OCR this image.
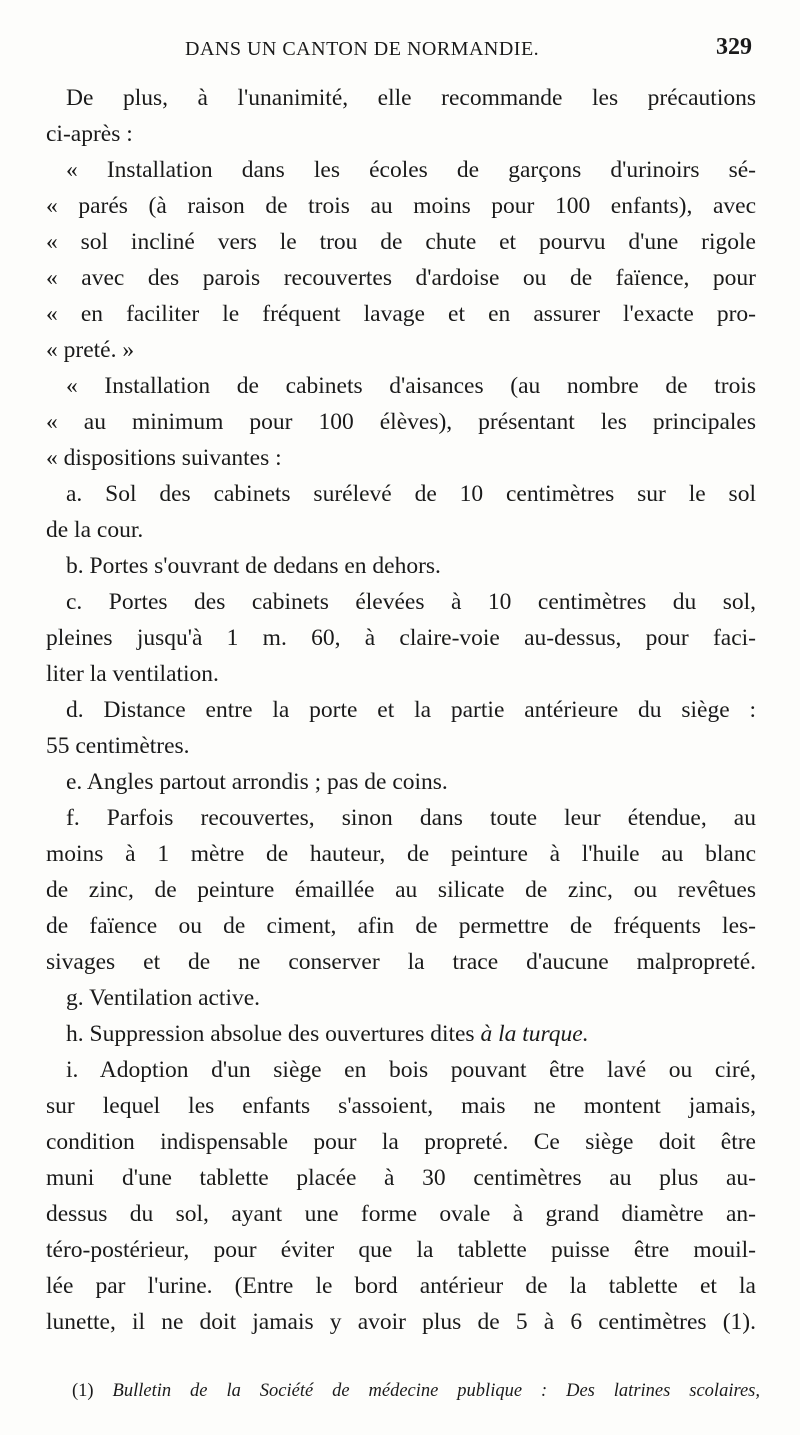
DANS UN CANTON DE NORMANDIE.	329
De plus, à l'unanimité, elle recommande les précautions
ci-après :
« Installation dans les écoles de garçons d'urinoirs sé-
« parés (à raison de trois au moins pour 100 enfants), avec
« sol incliné vers le trou de chute et pourvu d'une rigole
« avec des parois recouvertes d'ardoise ou de faïence, pour
« en faciliter le fréquent lavage et en assurer l'exacte pro-
« preté. »
« Installation de cabinets d'aisances (au nombre de trois
« au minimum pour 100 élèves), présentant les principales
« dispositions suivantes :
a. Sol des cabinets surélevé de 10 centimètres sur le sol
de la cour.
b. Portes s'ouvrant de dedans en dehors.
c. Portes des cabinets élevées à 10 centimètres du sol,
pleines jusqu'à 1 m. 60, à claire-voie au-dessus, pour faci-
liter la ventilation.
d. Distance entre la porte et la partie antérieure du siège :
55 centimètres.
e. Angles partout arrondis ; pas de coins.
f. Parfois recouvertes, sinon dans toute leur étendue, au
moins à 1 mètre de hauteur, de peinture à l'huile au blanc
de zinc, de peinture émaillée au silicate de zinc, ou revêtues
de faïence ou de ciment, afin de permettre de fréquents les-
sivages et de ne conserver la trace d'aucune malpropreté.
g. Ventilation active.
h. Suppression absolue des ouvertures dites à la turque.
i. Adoption d'un siège en bois pouvant être lavé ou ciré,
sur lequel les enfants s'assoient, mais ne montent jamais,
condition indispensable pour la propreté. Ce siège doit être
muni d'une tablette placée à 30 centimètres au plus au-
dessus du sol, ayant une forme ovale à grand diamètre an-
téro-postérieur, pour éviter que la tablette puisse être mouil-
lée par l'urine. (Entre le bord antérieur de la tablette et la
lunette, il ne doit jamais y avoir plus de 5 à 6 centimètres (1).
(1) Bulletin de la Société de médecine publique : Des latrines scolaires,
